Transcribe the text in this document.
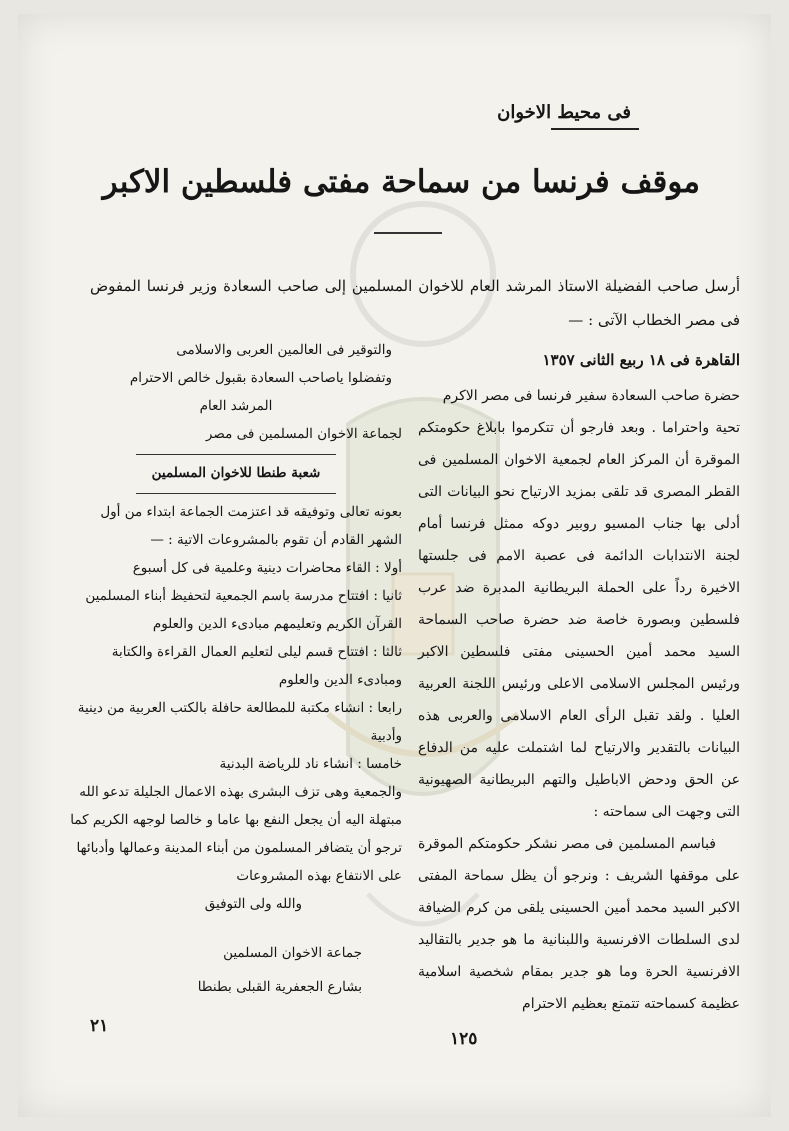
فى محيط الاخوان
موقف فرنسا من سماحة مفتى فلسطين الاكبر

أرسل صاحب الفضيلة الاستاذ المرشد العام للاخوان المسلمين إلى صاحب السعادة وزير فرنسا المفوض فى مصر الخطاب الآتى : —

القاهرة فى ١٨ ربيع الثانى ١٣٥٧

حضرة صاحب السعادة سفير فرنسا فى مصر الاكرم

تحية واحتراما . وبعد فارجو أن تتكرموا بابلاغ حكومتكم الموقرة أن المركز العام لجمعية الاخوان المسلمين فى القطر المصرى قد تلقى بمزيد الارتياح نحو البيانات التى أدلى بها جناب المسيو روبير دوكه ممثل فرنسا أمام لجنة الانتدابات الدائمة فى عصبة الامم فى جلستها الاخيرة رداً على الحملة البريطانية المدبرة ضد عرب فلسطين وبصورة خاصة ضد حضرة صاحب السماحة السيد محمد أمين الحسينى مفتى فلسطين الاكبر ورئيس المجلس الاسلامى الاعلى ورئيس اللجنة العربية العليا . ولقد تقبل الرأى العام الاسلامى والعربى هذه البيانات بالتقدير والارتياح لما اشتملت عليه من الدفاع عن الحق ودحض الاباطيل والتهم البريطانية الصهيونية التى وجهت الى سماحته :

فباسم المسلمين فى مصر نشكر حكومتكم الموقرة على موقفها الشريف : ونرجو أن يظل سماحة المفتى الاكبر السيد محمد أمين الحسينى يلقى من كرم الضيافة لدى السلطات الافرنسية واللبنانية ما هو جدير بالتقاليد الافرنسية الحرة وما هو جدير بمقام شخصية اسلامية عظيمة كسماحته تتمتع بعظيم الاحترام

والتوقير فى العالمين العربى والاسلامى

وتفضلوا ياصاحب السعادة بقبول خالص الاحترام

المرشد العام

لجماعة الاخوان المسلمين فى مصر

شعبة طنطا للاخوان المسلمين

بعونه تعالى وتوفيقه قد اعتزمت الجماعة ابتداء من أول الشهر القادم أن تقوم بالمشروعات الاتية : —

أولا : القاء محاضرات دينية وعلمية فى كل أسبوع

ثانيا : افتتاح مدرسة باسم الجمعية لتحفيظ أبناء المسلمين القرآن الكريم وتعليمهم مبادىء الدين والعلوم

ثالثا : افتتاح قسم ليلى لتعليم العمال القراءة والكتابة ومبادىء الدين والعلوم

رابعا : انشاء مكتبة للمطالعة حافلة بالكتب العربية من دينية وأدبية

خامسا : انشاء ناد للرياضة البدنية

والجمعية وهى تزف البشرى بهذه الاعمال الجليلة تدعو الله مبتهلة اليه أن يجعل النفع بها عاما و خالصا لوجهه الكريم كما ترجو أن يتضافر المسلمون من أبناء المدينة وعمالها وأدبائها على الانتفاع بهذه المشروعات

والله ولى التوفيق

جماعة الاخوان المسلمين

بشارع الجعفرية القبلى بطنطا

١٢٥
٢١
